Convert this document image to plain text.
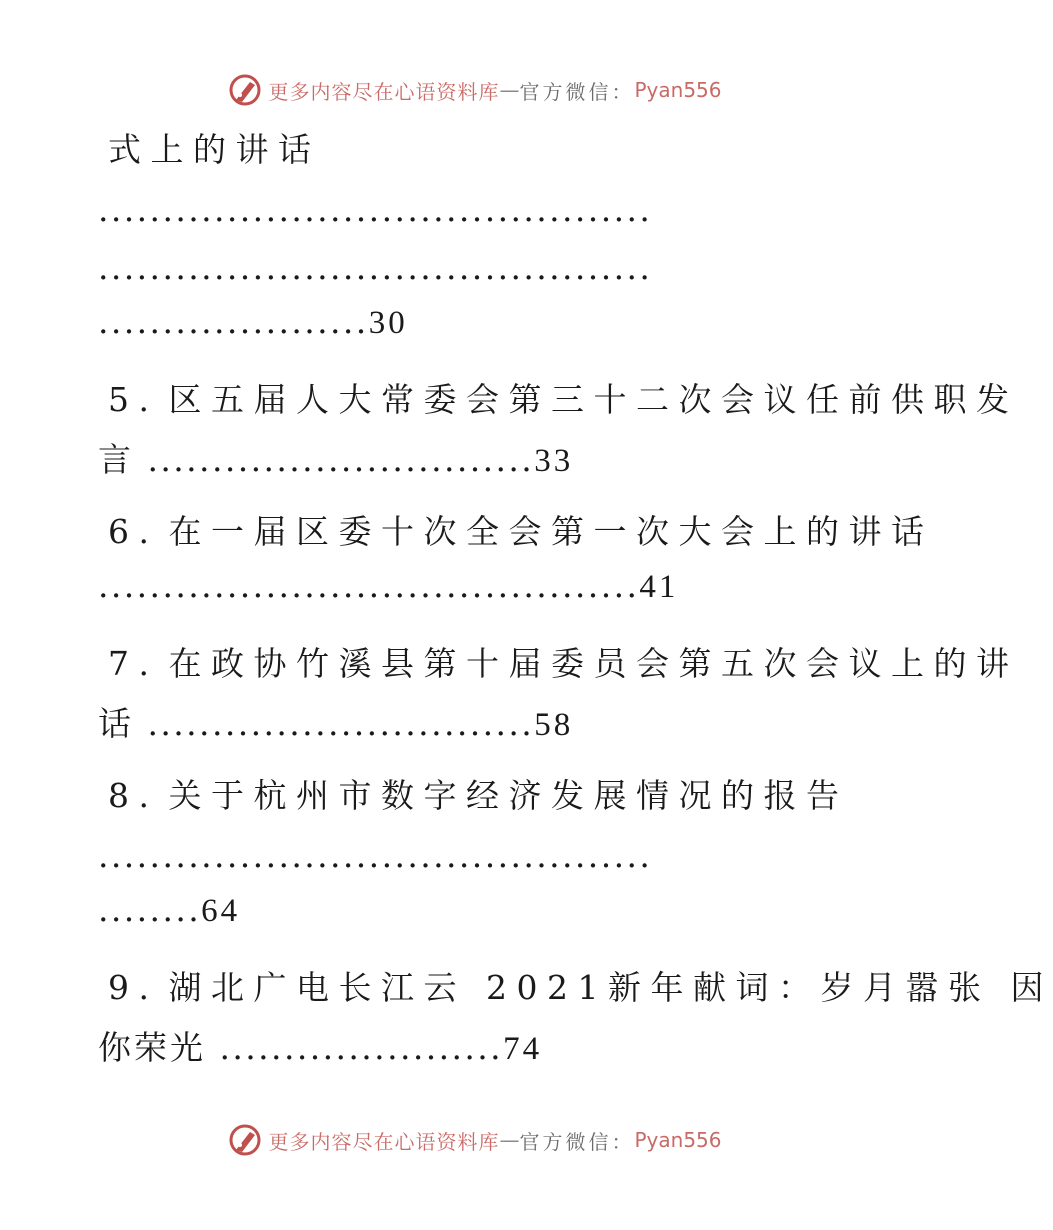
更多内容尽在心语资料库 — 官方微信： Pyan556
式上的讲话
...........................................
...........................................
.....................30
5. 区五届人大常委会第三十二次会议任前供职发
言 ..............................33
6. 在一届区委十次全会第一次大会上的讲话
..........................................41
7. 在政协竹溪县第十届委员会第五次会议上的讲
话 ..............................58
8. 关于杭州市数字经济发展情况的报告
...........................................
........64
9. 湖北广电长江云 2021新年献词：岁月嚣张 因
你荣光 ......................74
更多内容尽在心语资料库 — 官方微信： Pyan556
